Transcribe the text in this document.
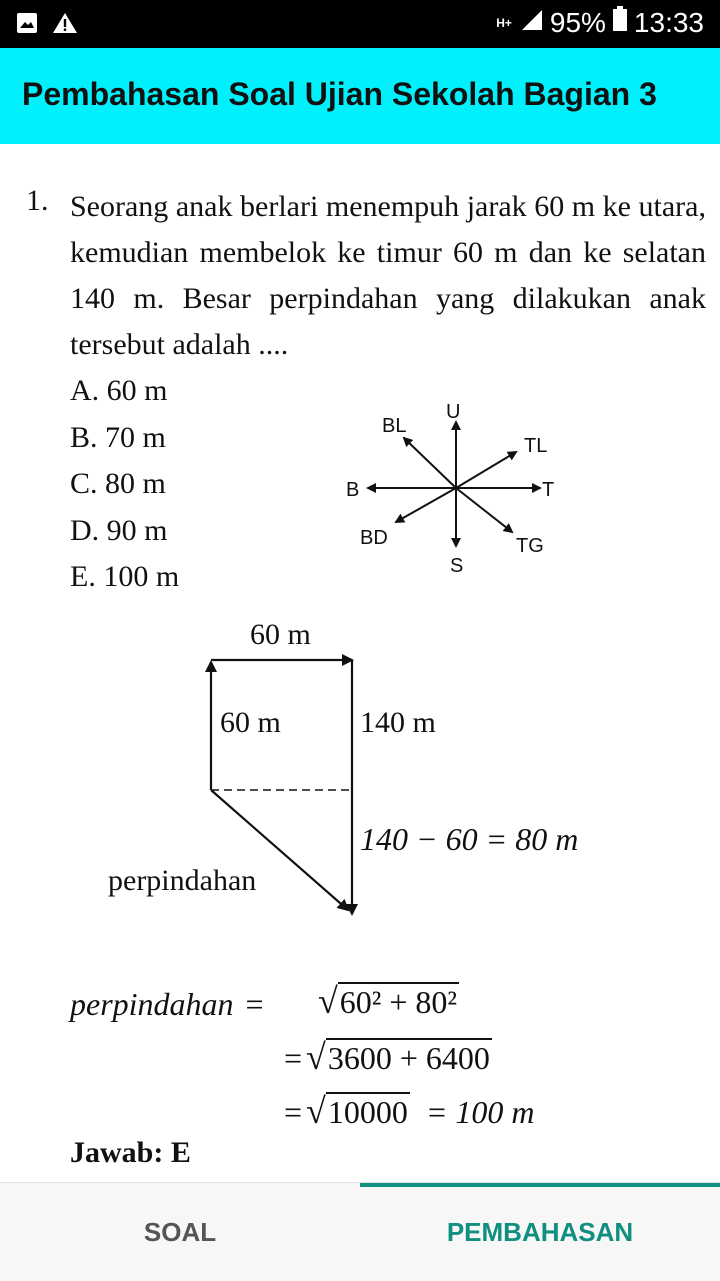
H+ 95% 13:33
Pembahasan Soal Ujian Sekolah Bagian 3
1. Seorang anak berlari menempuh jarak 60 m ke utara, kemudian membelok ke timur 60 m dan ke selatan 140 m. Besar perpindahan yang dilakukan anak tersebut adalah ....
A. 60 m
B. 70 m
C. 80 m
D. 90 m
E. 100 m
U
S
T
B
TL
BL
TG
BD
60 m
60 m	140 m
140 − 60 = 80 m
perpindahan
perpindahan = √60² + 80²
= √3600 + 6400
= √10000 = 100 m
Jawab: E
SOAL	PEMBAHASAN
